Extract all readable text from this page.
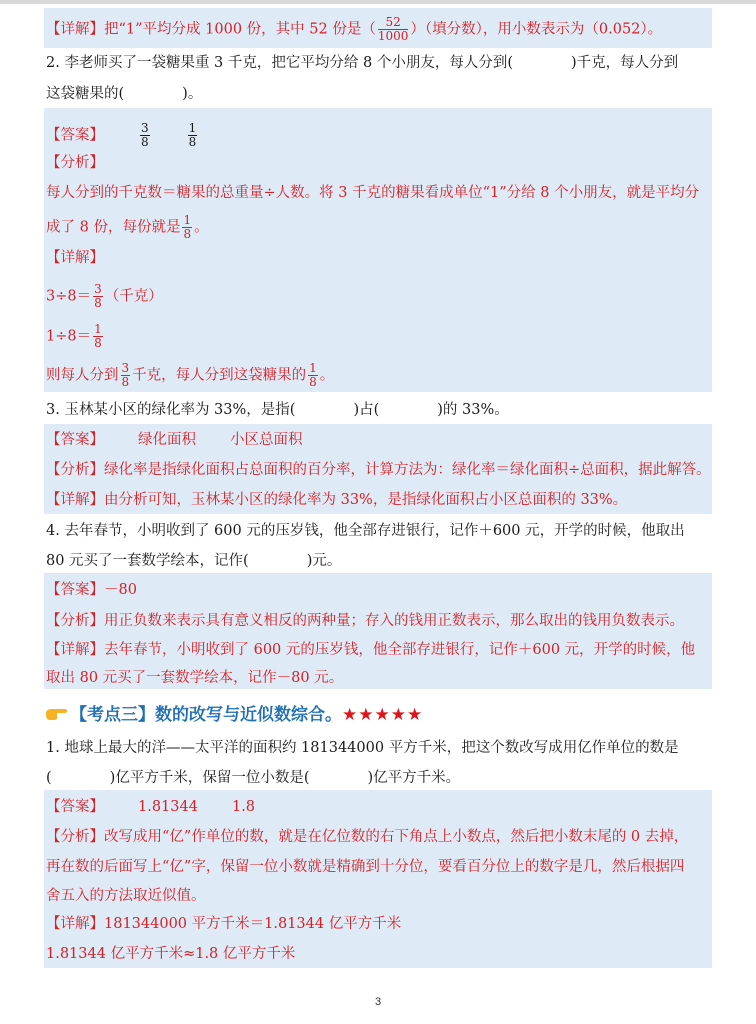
【详解】把“1”平均分成 1000 份，其中 52 份是（ $\frac{52}{1000}$ ）（填分数），用小数表示为（0.052）。
2. 李老师买了一袋糖果重 3 千克，把它平均分给 8 个小朋友，每人分到(	)千克，每人分到
这袋糖果的(	)。
【答案】	$\frac{3}{8}$	$\frac{1}{8}$
【分析】
每人分到的千克数＝糖果的总重量÷人数。将 3 千克的糖果看成单位“1”分给 8 个小朋友，就是平均分
成了 8 份，每份就是 $\frac{1}{8}$ 。
【详解】
$3\div 8= \frac{3}{8}$ （千克）
$1\div 8= \frac{1}{8}$
则每人分到 $\frac{3}{8}$ 千克，每人分到这袋糖果的 $\frac{1}{8}$ 。
3. 玉林某小区的绿化率为 33%，是指(	)占(	)的 33%。
【答案】 绿化面积 小区总面积
【分析】绿化率是指绿化面积占总面积的百分率，计算方法为：绿化率＝绿化面积÷总面积，据此解答。
【详解】由分析可知，玉林某小区的绿化率为 33%，是指绿化面积占小区总面积的 33%。
4. 去年春节，小明收到了 600 元的压岁钱，他全部存进银行，记作＋600 元，开学的时候，他取出
80 元买了一套数学绘本，记作(	)元。
【答案】－80
【分析】用正负数来表示具有意义相反的两种量；存入的钱用正数表示，那么取出的钱用负数表示。
【详解】去年春节，小明收到了 600 元的压岁钱，他全部存进银行，记作＋600 元，开学的时候，他
取出 80 元买了一套数学绘本，记作－80 元。
【考点三】数的改写与近似数综合。★★★★★
1. 地球上最大的洋——太平洋的面积约 181344000 平方千米，把这个数改写成用亿作单位的数是
(	)亿平方千米，保留一位小数是(	)亿平方千米。
【答案】 1.81344 1.8
【分析】改写成用“亿”作单位的数，就是在亿位数的右下角点上小数点，然后把小数末尾的 0 去掉，
再在数的后面写上“亿”字，保留一位小数就是精确到十分位，要看百分位上的数字是几，然后根据四
舍五入的方法取近似值。
【详解】181344000 平方千米＝1.81344 亿平方千米
1.81344 亿平方千米≈1.8 亿平方千米
3
